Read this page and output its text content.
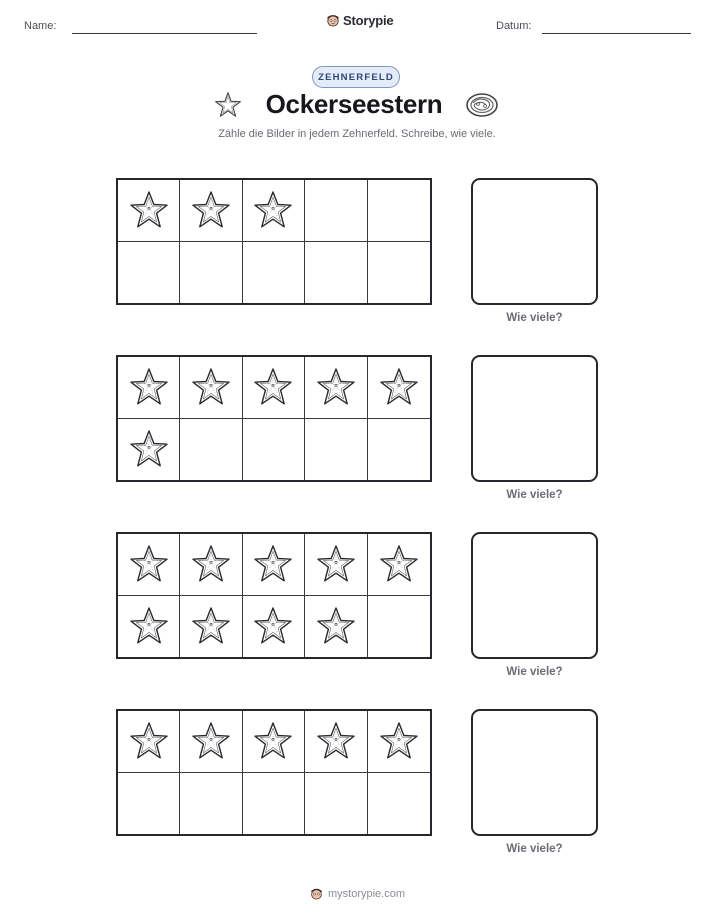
Name:	Storypie	Datum:
ZEHNERFELD
Ockerseestern
Zähle die Bilder in jedem Zehnerfeld. Schreibe, wie viele.
Wie viele?
Wie viele?
Wie viele?
Wie viele?
mystorypie.com
